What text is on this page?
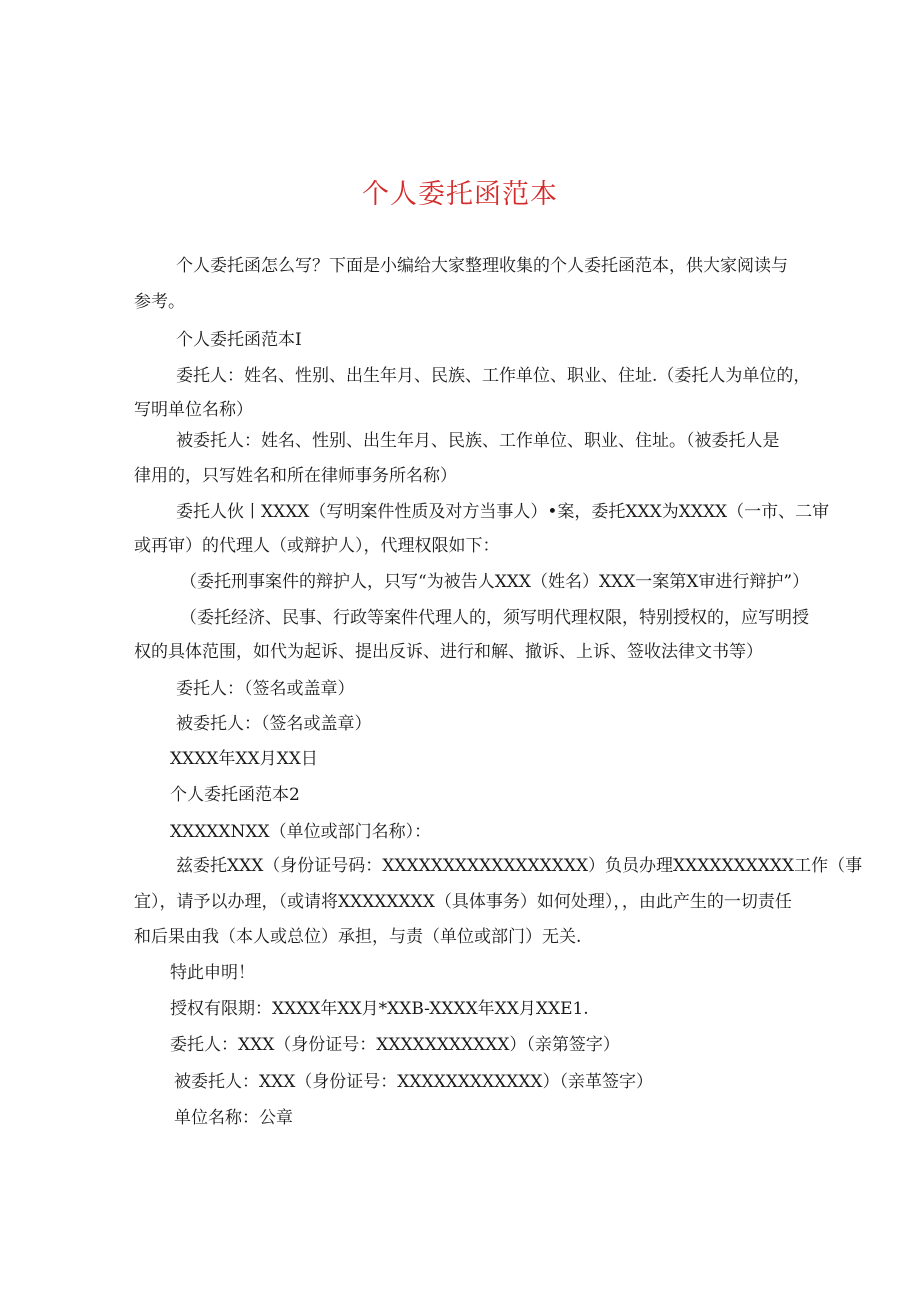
个人委托函范本

个人委托函怎么写？下面是小编给大家整理收集的个人委托函范本，供大家阅读与

参考。

个人委托函范本I

委托人：姓名、性别、出生年月、民族、工作单位、职业、住址.（委托人为单位的，

写明单位名称）

被委托人：姓名、性别、出生年月、民族、工作单位、职业、住址。（被委托人是

律用的，只写姓名和所在律师事务所名称）

委托人伙丨XXXX（写明案件性质及对方当事人）•案，委托XXX为XXXX（一市、二审

或再审）的代理人（或辩护人），代理权限如下：

（委托刑事案件的辩护人，只写“为被告人XXX（姓名）XXX一案第X审进行辩护”）

（委托经济、民事、行政等案件代理人的，须写明代理权限，特别授权的，应写明授

权的具体范围，如代为起诉、提出反诉、进行和解、撤诉、上诉、签收法律文书等）

委托人：（签名或盖章）

被委托人：（签名或盖章）

XXXX年XX月XX日

个人委托函范本2

XXXXXNXX（单位或部门名称）：

兹委托XXX（身份证号码：XXXXXXXXXXXXXXXXX）负员办理XXXXXXXXXX工作（事

宜），请予以办理，（或请将XXXXXXXX（具体事务）如何处理），，由此产生的一切责任

和后果由我（本人或总位）承担，与责（单位或部门）无关.

特此申明！

授权有限期：XXXX年XX月*XXB-XXXX年XX月XXE1.

委托人：XXX（身份证号：XXXXXXXXXXX）（亲第签字）

被委托人：XXX（身份证号：XXXXXXXXXXXX）（亲革签字）

单位名称：公章
